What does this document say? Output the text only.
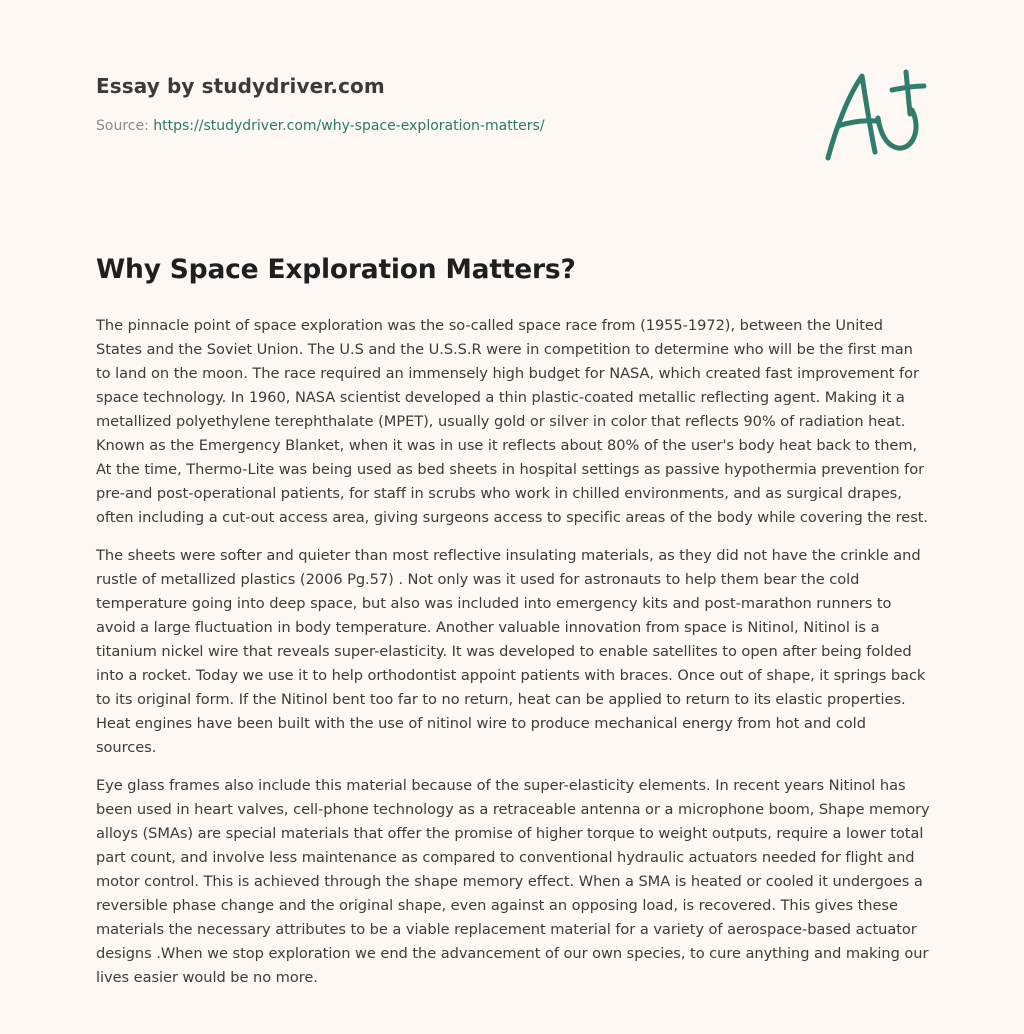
Essay by studydriver.com
Source: https://studydriver.com/why-space-exploration-matters/
Why Space Exploration Matters?

The pinnacle point of space exploration was the so-called space race from (1955-1972), between the United States and the Soviet Union. The U.S and the U.S.S.R were in competition to determine who will be the first man to land on the moon. The race required an immensely high budget for NASA, which created fast improvement for space technology. In 1960, NASA scientist developed a thin plastic-coated metallic reflecting agent. Making it a metallized polyethylene terephthalate (MPET), usually gold or silver in color that reflects 90% of radiation heat. Known as the Emergency Blanket, when it was in use it reflects about 80% of the user's body heat back to them, At the time, Thermo-Lite was being used as bed sheets in hospital settings as passive hypothermia prevention for pre-and post-operational patients, for staff in scrubs who work in chilled environments, and as surgical drapes, often including a cut-out access area, giving surgeons access to specific areas of the body while covering the rest.

The sheets were softer and quieter than most reflective insulating materials, as they did not have the crinkle and rustle of metallized plastics (2006 Pg.57) . Not only was it used for astronauts to help them bear the cold temperature going into deep space, but also was included into emergency kits and post-marathon runners to avoid a large fluctuation in body temperature. Another valuable innovation from space is Nitinol, Nitinol is a titanium nickel wire that reveals super-elasticity. It was developed to enable satellites to open after being folded into a rocket. Today we use it to help orthodontist appoint patients with braces. Once out of shape, it springs back to its original form. If the Nitinol bent too far to no return, heat can be applied to return to its elastic properties. Heat engines have been built with the use of nitinol wire to produce mechanical energy from hot and cold sources.

Eye glass frames also include this material because of the super-elasticity elements. In recent years Nitinol has been used in heart valves, cell-phone technology as a retraceable antenna or a microphone boom, Shape memory alloys (SMAs) are special materials that offer the promise of higher torque to weight outputs, require a lower total part count, and involve less maintenance as compared to conventional hydraulic actuators needed for flight and motor control. This is achieved through the shape memory effect. When a SMA is heated or cooled it undergoes a reversible phase change and the original shape, even against an opposing load, is recovered. This gives these materials the necessary attributes to be a viable replacement material for a variety of aerospace-based actuator designs .When we stop exploration we end the advancement of our own species, to cure anything and making our lives easier would be no more.
